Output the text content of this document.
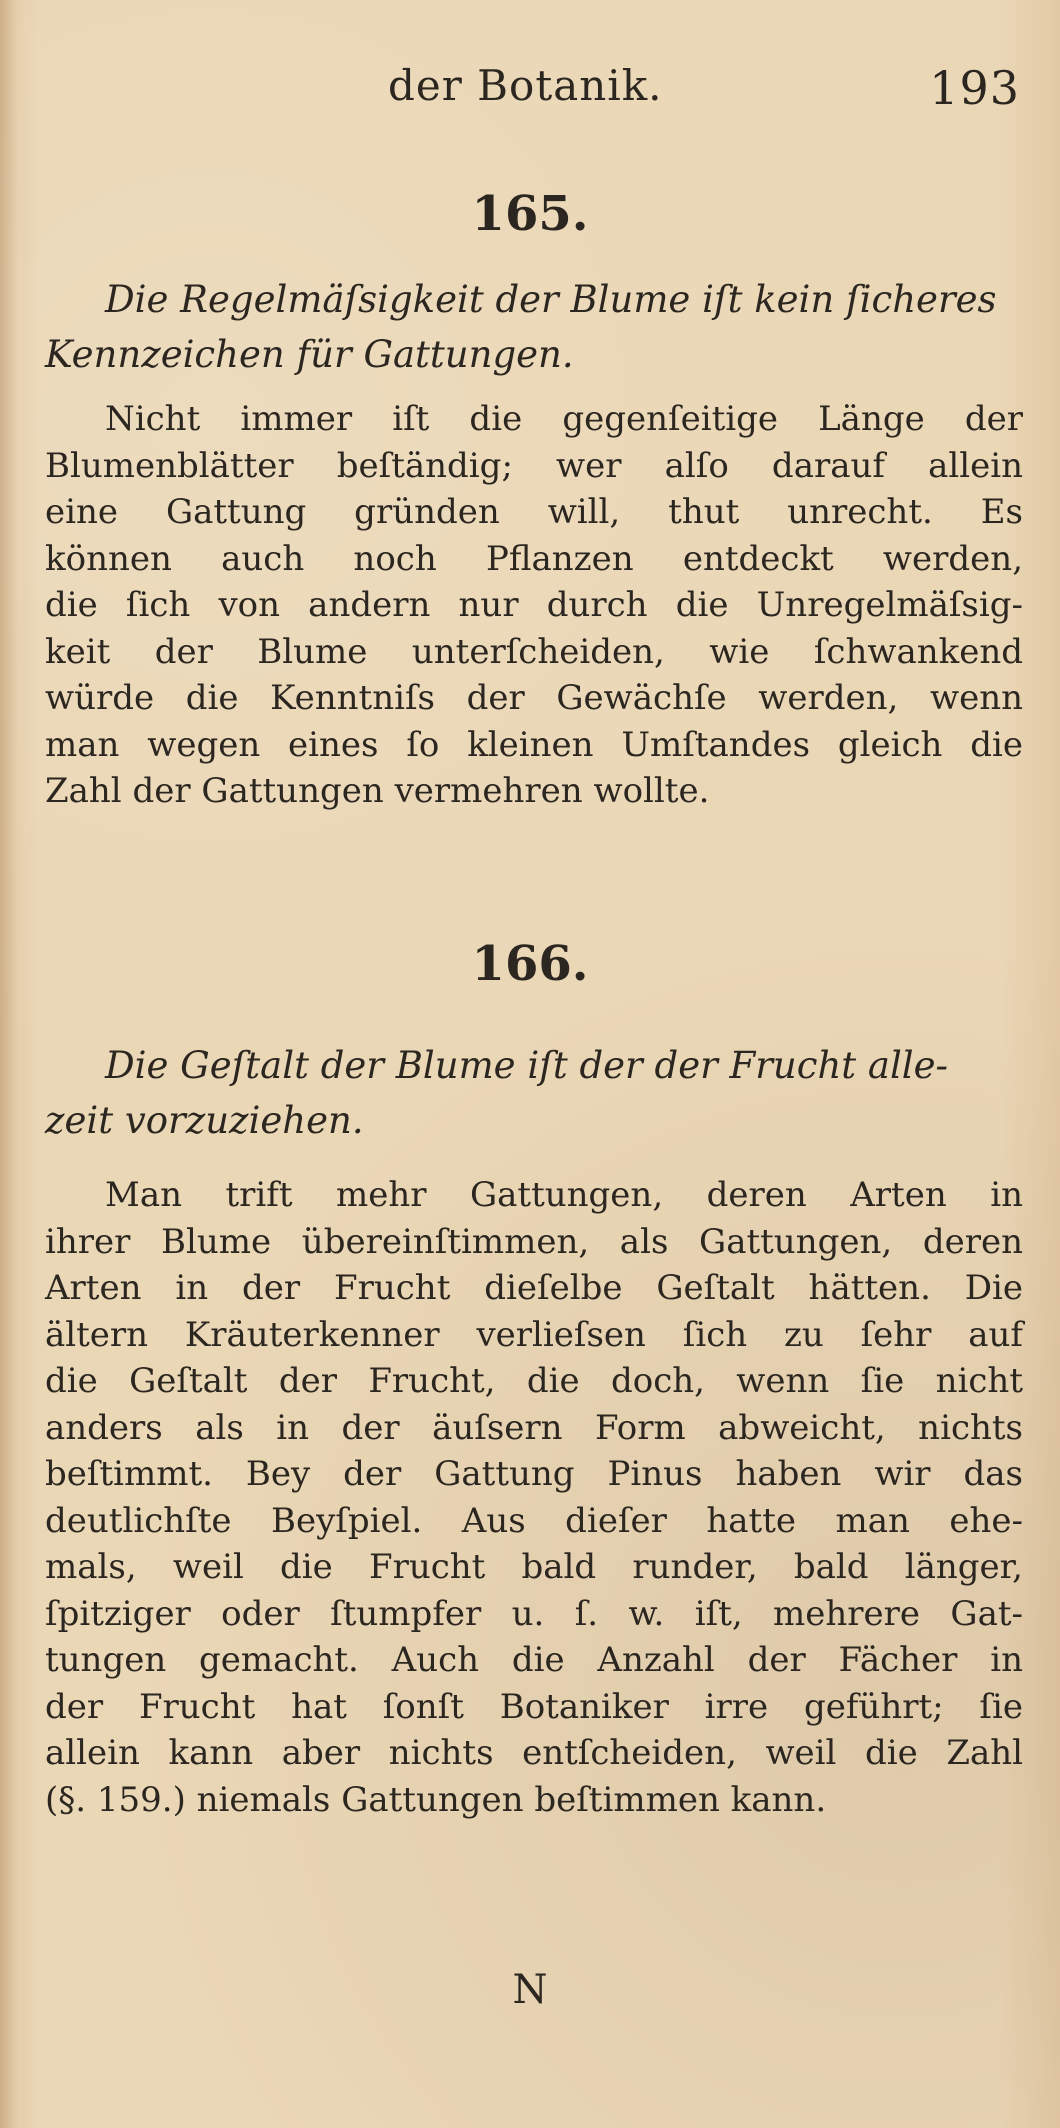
der Botanik.	193
165.
Die Regelmäſsigkeit der Blume iſt kein ſicheres
Kennzeichen für Gattungen.
Nicht immer iſt die gegenſeitige Länge der
Blumenblätter beſtändig; wer alſo darauf allein
eine Gattung gründen will, thut unrecht. Es
können auch noch Pflanzen entdeckt werden,
die ſich von andern nur durch die Unregelmäſsig-
keit der Blume unterſcheiden, wie ſchwankend
würde die Kenntniſs der Gewächſe werden, wenn
man wegen eines ſo kleinen Umſtandes gleich die
Zahl der Gattungen vermehren wollte.
166.
Die Geſtalt der Blume iſt der der Frucht alle-
zeit vorzuziehen.
Man trift mehr Gattungen, deren Arten in
ihrer Blume übereinſtimmen, als Gattungen, deren
Arten in der Frucht dieſelbe Geſtalt hätten. Die
ältern Kräuterkenner verlieſsen ſich zu ſehr auf
die Geſtalt der Frucht, die doch, wenn ſie nicht
anders als in der äuſsern Form abweicht, nichts
beſtimmt. Bey der Gattung Pinus haben wir das
deutlichſte Beyſpiel. Aus dieſer hatte man ehe-
mals, weil die Frucht bald runder, bald länger,
ſpitziger oder ſtumpfer u. ſ. w. iſt, mehrere Gat-
tungen gemacht. Auch die Anzahl der Fächer in
der Frucht hat ſonſt Botaniker irre geführt; ſie
allein kann aber nichts entſcheiden, weil die Zahl
(§. 159.) niemals Gattungen beſtimmen kann.
N
